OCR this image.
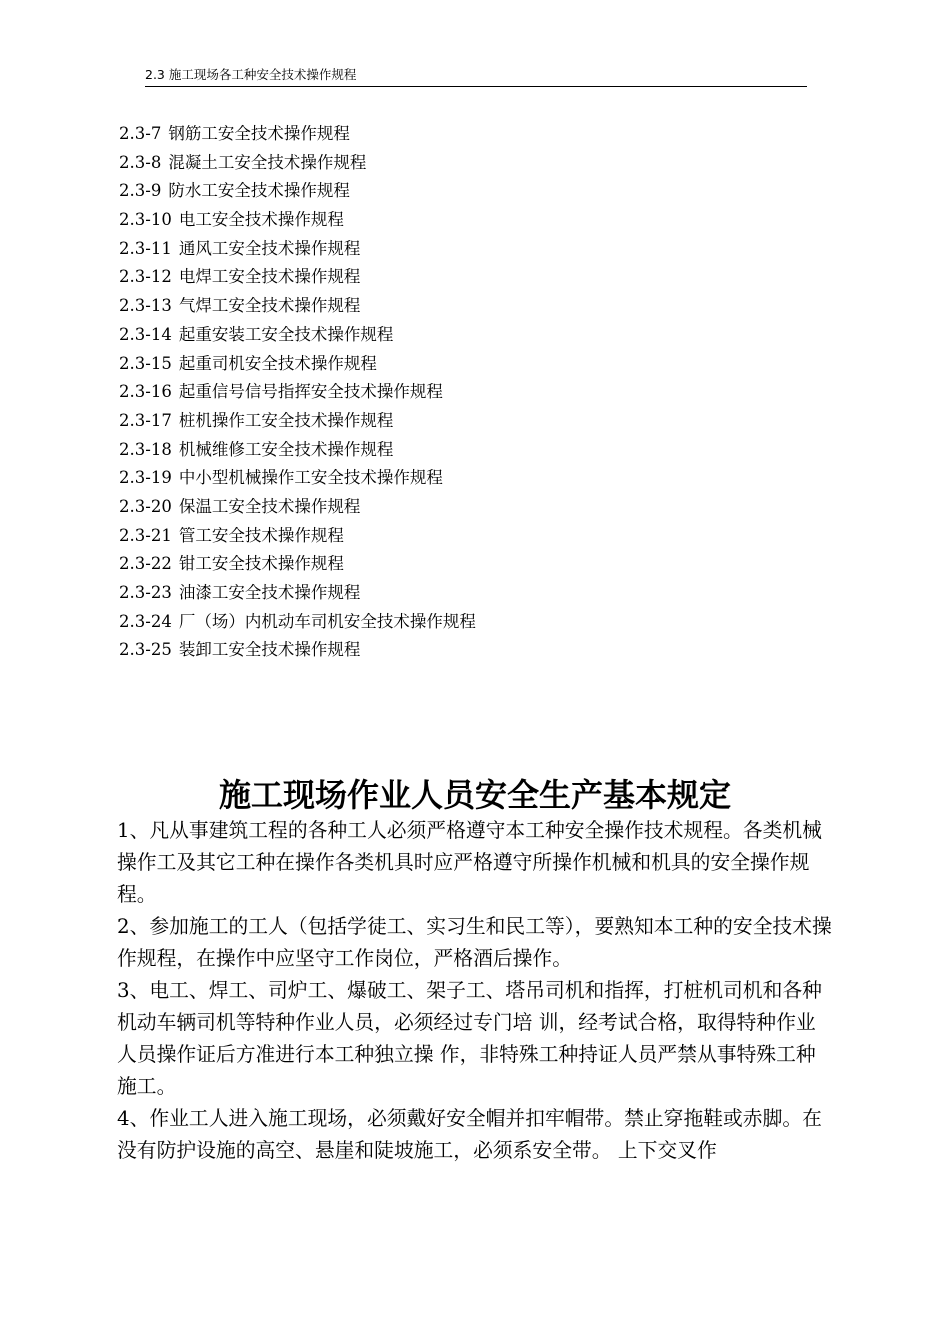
2.3 施工现场各工种安全技术操作规程
2.3-7 钢筋工安全技术操作规程
2.3-8 混凝土工安全技术操作规程
2.3-9 防水工安全技术操作规程
2.3-10 电工安全技术操作规程
2.3-11 通风工安全技术操作规程
2.3-12 电焊工安全技术操作规程
2.3-13 气焊工安全技术操作规程
2.3-14 起重安装工安全技术操作规程
2.3-15 起重司机安全技术操作规程
2.3-16 起重信号信号指挥安全技术操作规程
2.3-17 桩机操作工安全技术操作规程
2.3-18 机械维修工安全技术操作规程
2.3-19 中小型机械操作工安全技术操作规程
2.3-20 保温工安全技术操作规程
2.3-21 管工安全技术操作规程
2.3-22 钳工安全技术操作规程
2.3-23 油漆工安全技术操作规程
2.3-24 厂（场）内机动车司机安全技术操作规程
2.3-25 装卸工安全技术操作规程
施工现场作业人员安全生产基本规定

1、凡从事建筑工程的各种工人必须严格遵守本工种安全操作技术规程。各类机械操作工及其它工种在操作各类机具时应严格遵守所操作机械和机具的安全操作规程。

2、参加施工的工人（包括学徒工、实习生和民工等），要熟知本工种的安全技术操作规程，在操作中应坚守工作岗位，严格酒后操作。

3、电工、焊工、司炉工、爆破工、架子工、塔吊司机和指挥，打桩机司机和各种机动车辆司机等特种作业人员，必须经过专门培 训，经考试合格，取得特种作业人员操作证后方准进行本工种独立操 作，非特殊工种持证人员严禁从事特殊工种施工。

4、作业工人进入施工现场，必须戴好安全帽并扣牢帽带。禁止穿拖鞋或赤脚。在没有防护设施的高空、悬崖和陡坡施工，必须系安全带。 上下交叉作
